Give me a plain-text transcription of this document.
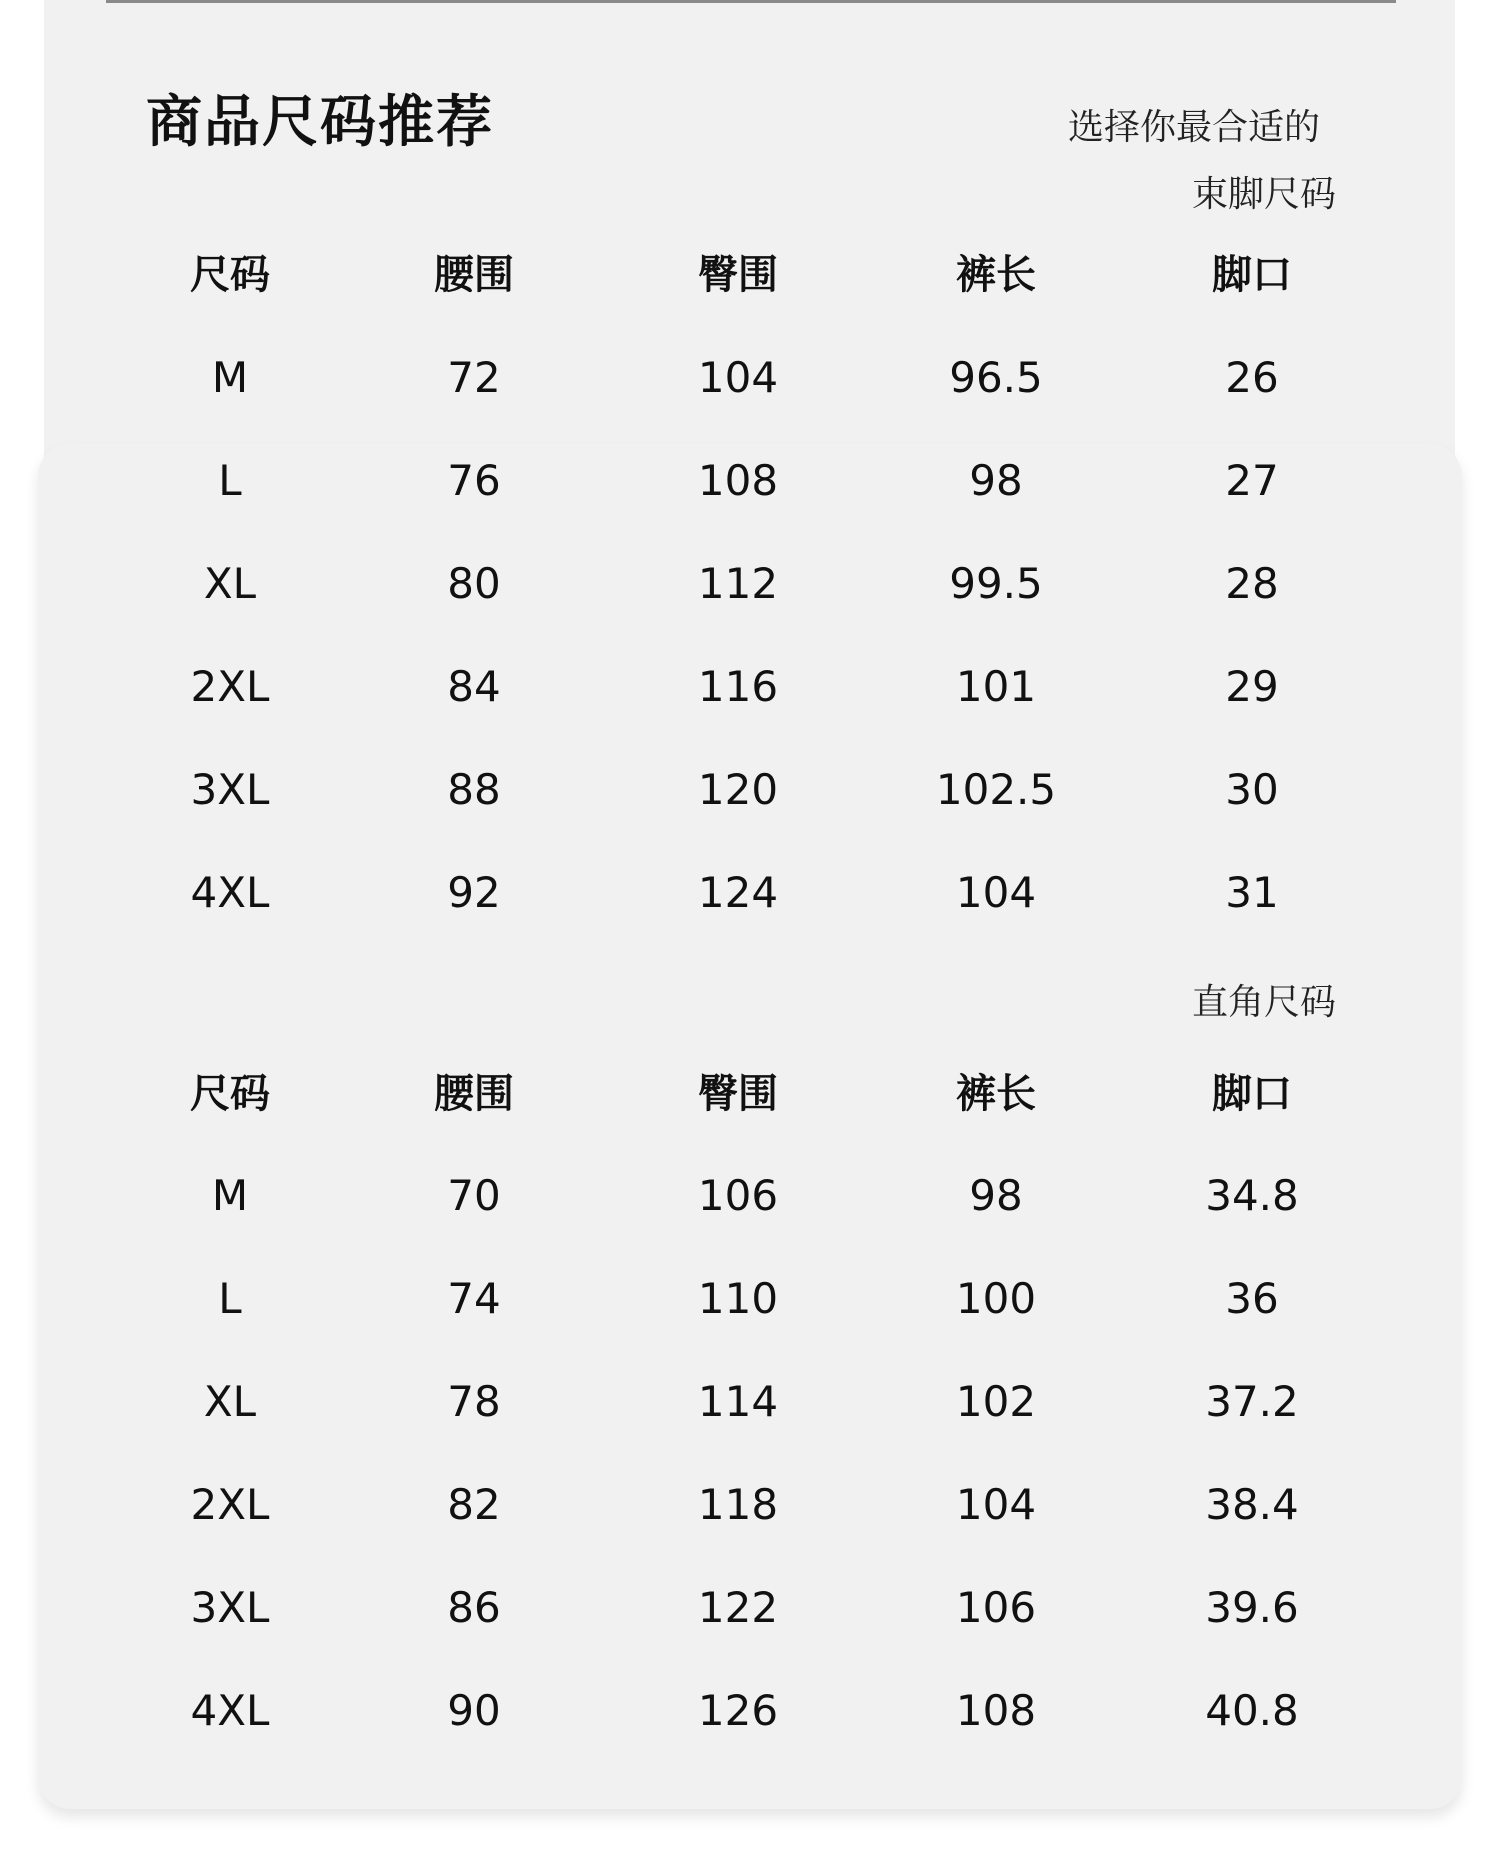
商品尺码推荐	选择你最合适的
束脚尺码
直角尺码
尺码	腰围	臀围	裤长	脚口
M	72	104	96.5	26
L	76	108	98	27
XL	80	112	99.5	28
2XL	84	116	101	29
3XL	88	120	102.5	30
4XL	92	124	104	31
尺码	腰围	臀围	裤长	脚口
M	70	106	98	34.8
L	74	110	100	36
XL	78	114	102	37.2
2XL	82	118	104	38.4
3XL	86	122	106	39.6
4XL	90	126	108	40.8
